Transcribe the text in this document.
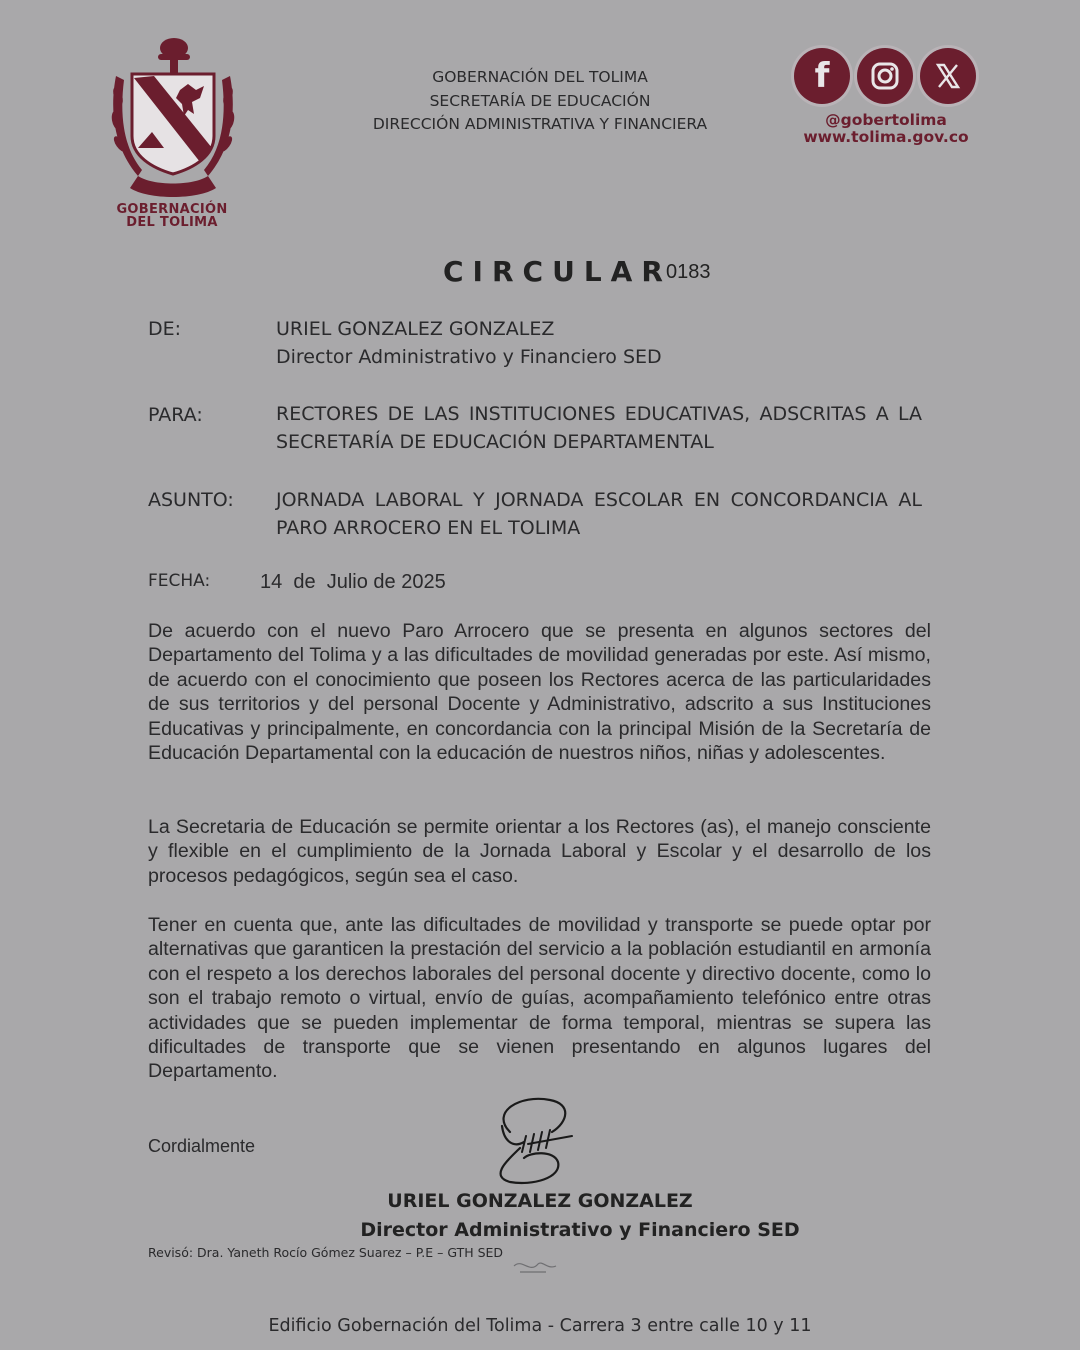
GOBERNACIÓN
DEL TOLIMA
GOBERNACIÓN DEL TOLIMA
SECRETARÍA DE EDUCACIÓN
DIRECCIÓN ADMINISTRATIVA Y FINANCIERA
f
@gobertolima
www.tolima.gov.co
CIRCULAR
0183
DE:	URIEL GONZALEZ GONZALEZ
Director Administrativo y Financiero SED
PARA:	RECTORES DE LAS INSTITUCIONES EDUCATIVAS, ADSCRITAS A LA
SECRETARÍA DE EDUCACIÓN DEPARTAMENTAL
ASUNTO: JORNADA LABORAL Y JORNADA ESCOLAR EN CONCORDANCIA AL
PARO ARROCERO EN EL TOLIMA
FECHA: 14  de  Julio de 2025
De acuerdo con el nuevo Paro Arrocero que se presenta en algunos sectores del Departamento del Tolima y a las dificultades de movilidad generadas por este. Así mismo, de acuerdo con el conocimiento que poseen los Rectores acerca de las particularidades de sus territorios y del personal Docente y Administrativo, adscrito a sus Instituciones Educativas y principalmente, en concordancia con la principal Misión de la Secretaría de Educación Departamental con la educación de nuestros niños, niñas y adolescentes.
La Secretaria de Educación se permite orientar a los Rectores (as), el manejo consciente y flexible en el cumplimiento de la Jornada Laboral y Escolar y el desarrollo de los procesos pedagógicos, según sea el caso.
Tener en cuenta que, ante las dificultades de movilidad y transporte se puede optar por alternativas que garanticen la prestación del servicio a la población estudiantil en armonía con el respeto a los derechos laborales del personal docente y directivo docente, como lo son el trabajo remoto o virtual, envío de guías, acompañamiento telefónico entre otras actividades que se pueden implementar de forma temporal, mientras se supera las dificultades de transporte que se vienen presentando en algunos lugares del Departamento.
Cordialmente
URIEL GONZALEZ GONZALEZ
Director Administrativo y Financiero SED
Revisó: Dra. Yaneth Rocío Gómez Suarez – P.E – GTH SED
Edificio Gobernación del Tolima - Carrera 3 entre calle 10 y 11
